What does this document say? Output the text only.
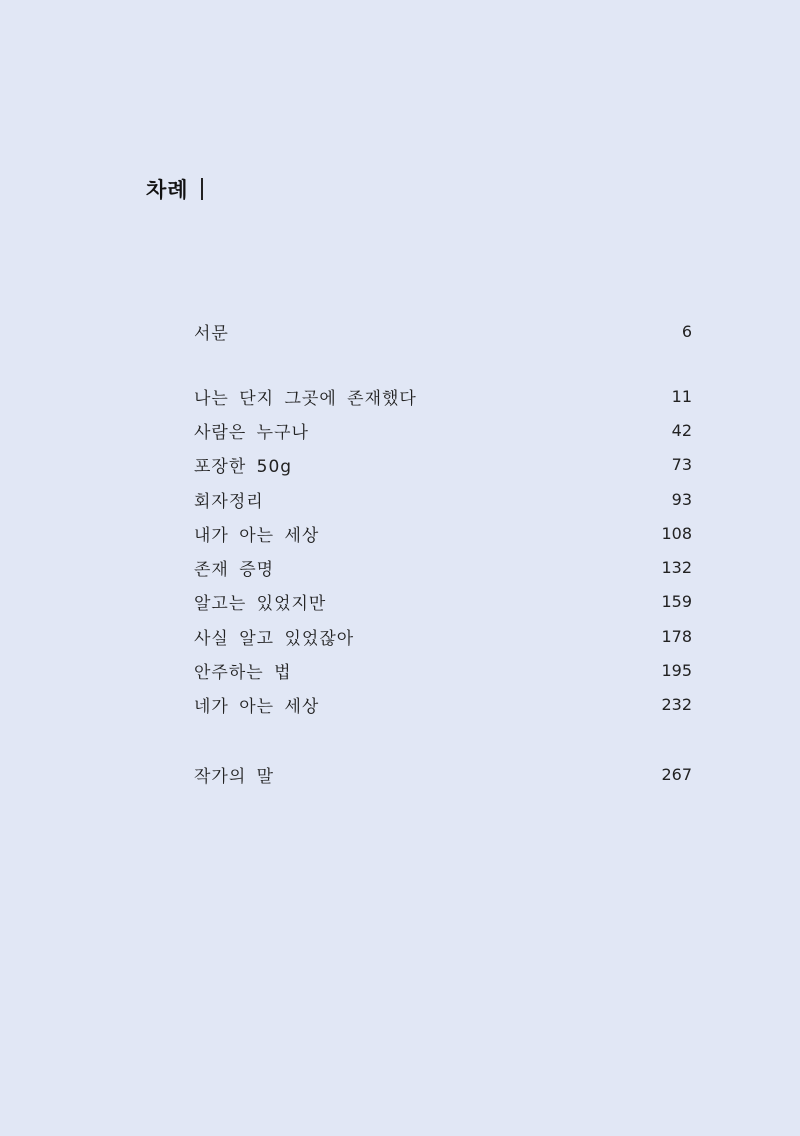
차례
서문	6
나는 단지 그곳에 존재했다	11
사람은 누구나	42
포장한 50g	73
회자정리	93
내가 아는 세상	108
존재 증명	132
알고는 있었지만	159
사실 알고 있었잖아	178
안주하는 법	195
네가 아는 세상	232
작가의 말	267
